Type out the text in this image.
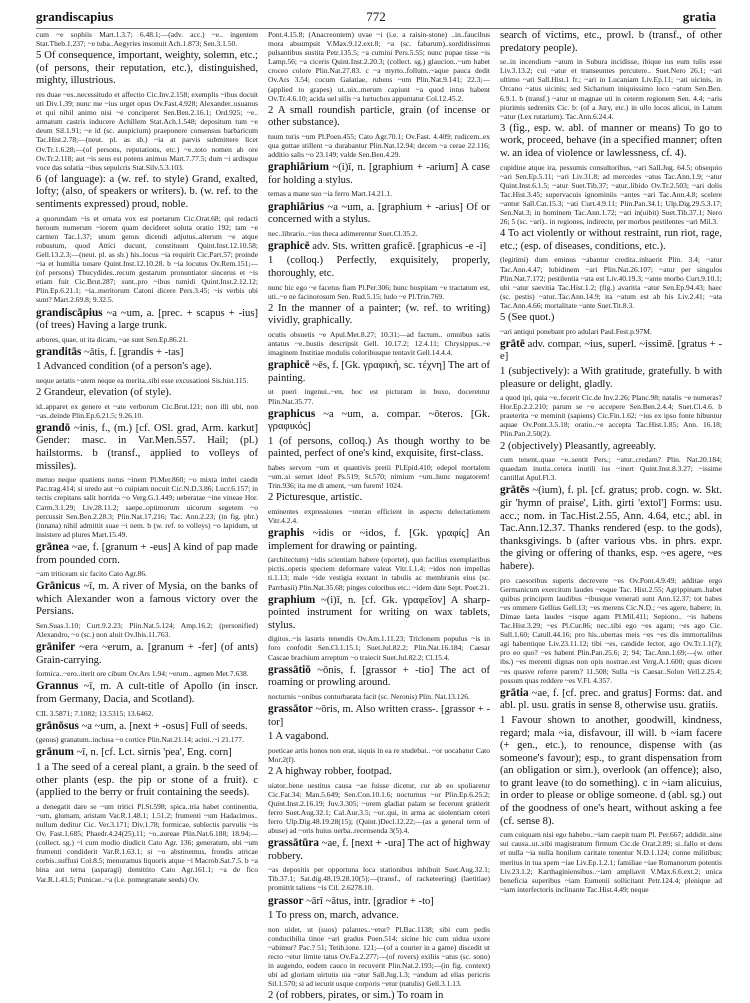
grandiscapius	772	gratia
cum ~e sophiis Mart.1.3.7; 6.48.1;—(adv. acc.) ~e.. ingentem Stat.Theb.1.237; ~e tuba..Aegyries insonuit Ach.1.873; Sen.3.1.50.
5 Of consequence, important, weighty, solemn, etc.; (of persons, their reputation, etc.), distinguished, mighty, illustrious.
res duae ~es..necessitudo et affectio Cic.Inv.2.158; exemplis ~ibus docuit uti Div.1.39; nunc me ~ius urget opus Ov.Fast.4.928; Alexander..usuanus et qui nihil animo nisi ~e conciperet Sen.Ben.2.16.1; Ord.925; ~e.. armatum castris inducere Achillem Stat.Ach.1.548; depositum tum ~e deum Sil.1.91; ~e id (sc. auspicium) praeponere consensus barbaricum Tac.Hist.2.78;—(neut. pl. as sb.) ~ia at parvis submittere licet Ov.Tr.1.6.28;—(of persons, reputations, etc.) ~e..toto nomen ab ore Ov.Tr.2.118; aut ~is seus est potens animus Mart.7.77.5; dum ~i ardisque voce das solatia ~ibus sepulcris Stat.Silv.5.3.103.
6 (of language): a (w. ref. to style) Grand, exalted, lofty; (also, of speakers or writers). b. (w. ref. to the sentiments expressed) proud, noble.
a quorundam ~is et ornata vox est poetarum Cic.Orat.68; qui redacti heroum numerum ~iorem quam decideret soluta oratio 192; tam ~e carmen Tac.1.37; unum genus dicendi adjutus..alterum ~e atque robustum, quod Attici ducunt, constituunt Quint.Inst.12.10.58; Gell.13.2.3;—(neut. pl. as sb.) his..locus ~ia requirit Cic.Part.57; proinde ~ia et humilia tonare Quint.Inst.12.10.28. b ~ia locutus Ov.Rem.151;—(of persons) Thucydides..recum gestarum pronuntiator sincerus et ~is etiam fuit Cic.Brut.287; sunt..pro ~ibus tumidi Quint.Inst.2.12.12; Plin.Ep.6.21.1; ~ia..meritorum Catoni dicere Pers.3.45; ~is verbis ubi sunt? Mart.2.69.8; 9.32.5.
grandiscāpius ~a ~um, a. [prec. + scapus + -ius] (of trees) Having a large trunk.
arbores, quae, ut ita dicam, ~ae sunt Sen.Ep.86.21.
granditās ~ātis, f. [grandis + -tas]
1 Advanced condition (of a person's age).
neque aetatis ~atem neque ea merita..sibi esse excusationi Sis.hist.115.
2 Grandeur, elevation (of style).
id..apparet ex genere et ~ate verborum Cic.Brut.121; non illi ubi, non ~as..deinde Plin.Ep.6.21.5; 9.26.10.
grandō ~inis, f., (m.) [cf. OSl. grad, Arm. karkut] Gender: masc. in Var.Men.557. Hail; (pl.) hailstorms. b (transf., applied to volleys of missiles).
metuo neque quatiens notus ~inem Pl.Mer.860; ~o mixta imbri caedit Pac.trag.414; si uredo aut ~o cuipiam nocuit Cic.N.D.3.86; Lucr.6.157; in tectis crepitans salit horrida ~o Verg.G.1.449; ueberatae ~ine vineae Hor. Carm.3.1.29; Liv.28.11.2; saepe..optimorum uicorum segetem ~o percussit Sen.Ben.2.28.3; Plin.Nat.17.216; Tac. Ann.2.23; (in fig. phr.) (innana) nihil admittit suae ~i nem. b (w. ref. to volleys) ~o lapidum, ut insistere ad plures Mart.15.49.
grānea ~ae, f. [granum + -eus] A kind of pap made from pounded corn.
~am triticeam sic facito Cato Agr.86.
Grānicus ~ī, m. A river of Mysia, on the banks of which Alexander won a famous victory over the Persians.
Sen.Suas.1.10; Curt.9.2.23; Plin.Nat.5.124; Amp.16.2; (personified) Alexandro, ~o (sc.) non aluit Ov.Ibis.11.763.
grānifer ~era ~erum, a. [granum + -fer] (of ants) Grain-carrying.
formica..~ero..iterit ore cibum Ov.Ars 1.94; ~erum.. agmen Met.7.638.
Grannus ~ī, m. A cult-title of Apollo (in inscr. from Germany, Dacia, and Scotland).
CIL 3.5871; 7.1082; 13.5315; 13.6462.
grānōsus ~a ~um, a. [next + -osus] Full of seeds.
(genus) granatum..inclusa ~o cortice Plin.Nat.21.14; acini..~i 21.177.
grānum ~ī, n. [cf. Lct. sirnis 'pea', Eng. corn]
1 a The seed of a cereal plant, a grain. b the seed of other plants (esp. the pip or stone of a fruit). c (applied to the berry or fruit containing the seeds).
a denegatit dare se ~um tritici Pl.St.598; spica..tria habet continentia, ~um, glumam, aristam Var.R.1.48.1; 1.51.2; frumenti ~um Hadacimos.. nullum deditur Cic. Ver.3.171; Div.1.78; formicae, sublectis parvulis ~is Ov. Fast.1.685; Phaedr.4.24(25).11; ~o..aureae Plin.Nat.6.188; 18.94;—(collect. sg.) ~i cum modio diudicit Cato Agr. 136; generatum, ubi ~um frumenti condiderit Var.R.1.63.1; si ~o abstinemus, frondis atricae corbis..suffusi Col.8.5; menuramus liquoris atque ~i Macrob.Sat.7.5. b ~a bina aut terna (asparagi) demittito Cato Agr.161.1; ~a de fico Var.R.1.41.5; Punicae..~a (i.e. pomegranate seeds) Ov.
Pont.4.15.8; (Anacreontem) uvae ~i (i.e. a raisin-stone) ..in..faucibus mora absumpsit V.Max.9.12.ext.8; ~a (sc. fabarum)..sordidissimus pulsantibus sustita Petr.135.5; ~a cumini Pers.5.55; nunc pupae tisse ~is Lamp.56; ~a ciceris Quint.Inst.2.20.3; (collect. sg.) glaucion..~um habet croceo colore Plin.Nat.27.83. c ~a myrto..follum..~aque pauca dedit Ov.Ars 3.54; cocum Galatiae, rubens ~um Plin.Nat.9.141; 22.3;—(applied to grapes) ut..uix..merum capiunt ~a quod intus habent Ov.Tr.4.6.10; acida uel uilis ~a lurtuchos appuntatur Col.12.45.2.
2 A small roundish particle, grain (of incense or other substance).
tuum turis ~um Pl.Poen.455; Cato Agr.70.1; Ov.Fast. 4.409; rudicem..ex qua guttae stillent ~a durabantur Plin.Nat.12.94; decem ~a cerae 22.116; additio salis ~o 23.149; valde Sen.Ben.4.29.
graphiārium ~(i)ī, n. [graphium + -arium] A case for holding a stylus.
ternas a mane suo ~ia ferro Mart.14.21.1.
graphiārius ~a ~um, a. [graphium + -arius] Of or concerned with a stylus.
nec..librario..~ius theca adimerentur Suet.Cl.35.2.
graphicē adv. Sts. written graficē. [graphicus -e -i]
1 (colloq.) Perfectly, exquisitely, properly, thoroughly, etc.
nunc hic ego ~e facetus fiam Pl.Per.306; hunc hospitam ~e tractatum est, uti..~e ne facinorosum Sen. Rud.5.15; ludo ~e Pl.Trin.769.
2 In the manner of a painter; (w. ref. to writing) vividly, graphically.
ocutis obsuetis ~e Apul.Met.8.27; 10.31;—ad factum.. omnibus satis antatus ~e..bustis descripsit Gell. 10.17.2; 12.4.11; Chrysippus..~e imaginem Institiae modulis coloribusque tentavit Gell.14.4.4.
graphicē ~ēs, f. [Gk. γραφική, sc. τέχνη] The art of painting.
ut pueri ingenui..~en, hoc est picturam in buxo, docerentur Plin.Nat.35.77.
graphicus ~a ~um, a. compar. ~ōteros. [Gk. γραφικός]
1 (of persons, colloq.) As though worthy to be painted, perfect of one's kind, exquisite, first-class.
habes servom ~um et quantivis pretii Pl.Epid.410; edepol mortalem ~um..si sernet ideo! Ps.519; St.570; nimium ~um..hunc nugatorem! Trin.936; ita me di ament, ~um furem! 1024.
2 Picturesque, artistic.
eminentes expressiones ~oteran efficient in aspectu delectationem Vitr.4.2.4.
graphis ~idis or ~idos, f. [Gk. γραφίς] An implement for drawing or painting.
(architectum) ~idis scientiam habere (oportet), quo facilius exemplaribus pictis..operis speciem deformare valeat Vitr.1.1.4; ~idos non impellas ti.1.13; male ~ide vestigia exstant in tabulis ac membranis eius (sc. Parrhasii) Plin.Nat.35.68; pinges coloribus etc.: ~idem date Sept. Poet.21.
graphium ~(i)ī, n. [cf. Gk. γραφεῖον] A sharp-pointed instrument for writing on wax tablets, stylus.
digitos..~is lasuris tenendis Ov.Am.1.11.23; Triclonem populus ~is in foro confodit Sen.Cl.1.15.1; Suet.Jul.82.2; Plin.Nat.16.184; Caesar Cascae brachium arreptum ~o traiecit Suet.Jul.82.2; Cl.15.4.
grassātiō ~ōnis, f. [grassor + -tio] The act of roaming or prowling around.
nocturnis ~onibus conturbarata facit (sc. Neronis) Plin. Nat.13.126.
grassātor ~ōris, m. Also written crass-. [grassor + -tor]
1 A vagabond.
poeticae artis honos non erat, siquis in ea re studebat.. ~or uocabatur Cato Mor.2(f).
2 A highway robber, footpad.
uiator..bene uestitus causa ~ae fuisse dicetur, cur ab eo spoliaretur Cic.Fat.34; Man.5.649; Sen.Con.10.1.6; nocturnus ~or Plin.Ep.6.25.2; Quint.Inst.2.16.19; Juv.3.305; ~orem gladiat palam se fecerunt gratierit ferro Suet.Aug.32.1; Cal.Aur.3.5; ~or..qui, in arma ac uiolentiam ceteri ferro Ulp.Dig.48.19.28(15); (Quint.)Decl.12.22;—(as a general term of abuse) ad ~oris huius uerba..recensenda 3(5).4.
grassātūra ~ae, f. [next + -ura] The act of highway robbery.
~as depositis per opportuna loca stationibus inhibuit Suet.Aug.32.1; Tib.37.1; Sat.dig.48.19.28.10(5);—(transf., of racketeering) (laetitiae) promittit taliens ~is Cil. 2.6278.10.
grassor ~ārī ~ātus, intr. [gradior + -to]
1 To press on, march, advance.
non uidet, ut (suos) palantes..~etur? Pl.Bac.1138; sibi cum pedis conducibilia tinoe ~ari gradus Poen.514; sicine hic cum uidua uxore ~abimur? Pac.? 51; Tetih.ione. 121;—(of a courier in a game) discedit ut recto ~etur limite tatus Ov.Fa.2.277;—(of rovers) exiliis ~atus (sc. sono) in augendo, eodem cauco in recuverit Plin.Nat.2.193;—(in fig. context) ubi ad gloriam uirtutis uia ~atur Sall.Jug.1.3; ~andum ad elias pericris Sil.1.570; si ad iecurit usque corporis ~etur (natulis) Gell.3.1.13.
2 (of robbers, pirates, or sim.) To roam in
search of victims, etc., prowl. b (transf., of other predatory people).
se..in incendium ~atum in Subura incidisse, ibique ius eum tulis esse Liv.3.13.2; cui ~atur et transeuntes percutere.. Suet.Nero 26.1; ~ari ultimo ~ati Sall.Hist.1 fr.; ~ari in Lucaniam Liv.Ep.11; ~ati uicinis, in Orcano ~atus uicinis; sed Sicharium iniquissimo loco ~atum Sen.Ben. 6.9.1. b (transf.) ~atur ut magnae uti in ceterm regionem Sen. 4.4; ~aris piurimis sedrenits Cic. b: (of a Jury, etc.) in ullo locos alicui, in Latum ~atur (Lex rutarium). Tac.Ann.6.24.4.
3 (fig., esp. w. abl. of manner or means) To go to work, proceed, behave (in a specified manner; often w. an idea of violence or lawlessness, cf. 4).
cupidine atque ira, pessumis consultoribus, ~ari Sall.Jug. 64.5; obsequio ~ari Sen.Ep.5.11; ~ari Liv.31.8; ad mercedes ~atus Tac.Ann.1.9; ~atur Quint.Inst.6.1.5; ~atur Suet.Tib.37; ~atur..libido Ov.Tr.2.503; ~ari dolis Tac.Hist.3.45; supervacuis ignominiis ~antes ~ari Tac.Ann.4.8; scelere ~antur Sall.Cat.15.3; ~ati Curt.4.9.11; Plin.Pan.34.1; Ulp.Dig.29.5.3.17; Sen.Nat.3; in hominem Tac.Ann.1.72; ~ari in(uibit) Suet.Tib.37.1; Nero 26; 5 (sc. ~ari).. in regiones, indirecte, per morbos pestilentes ~ari Mil.3.
4 To act violently or without restraint, run riot, rage, etc.; (esp. of diseases, conditions, etc.).
(legitimi) dum eminus ~abantur credita..inhaerit Plin. 3.4; ~atur Tac.Ann.4.47; lubidinem ~ari Plin.Nat.26.107; ~atur per singulos Plin.Nat.7.172; pestilentia ~ata est Liv.40.19.3; ~ante morbo Curt.9.10.1; ubi ~atur saevitia Tac.Hist.1.2; (fig.) avaritia ~atur Sen.Ep.94.43; haec (sc. pestis) ~atur..Tac.Ann.14.9; ita ~atum est ab his Liv.2.41; ~ata Tac.Ann.4.66; mortalitate ~ante Suet.Tit.8.3.
5 (See quot.)
~ari antiqui ponebant pro adulari Paul.Fest.p.97M.
grātē adv. compar. ~ius, superl. ~issimē. [gratus + -e]
1 (subjectively): a With gratitude, gratefully. b with pleasure or delight, gladly.
a quod ipi, quia ~e..fecerit Cic.de Inv.2.26; Planc.98; natalis ~e numeras? Hor.Ep.2.2.210; parum se ~e accepere Sen.Ben.2.4.4; Suet.Cl.4.6. b praeterita ~e meminit (sapiens) Cic.Fin.1.62; ~ius ex ipso fonte hibuntur aquae Ov.Pont.3.5.18; oratio..~e accepta Tac.Hist.1.85; Ann. 16.18; Plin.Pan.2.50(2).
2 (objectively) Pleasantly, agreeably.
cum tenent..quae ~e..sentit Pers.; ~atur..credam? Plin. Nat.20.184; quaedam inutia..cetera inutili ius ~inert Quint.Inst.8.3.27; ~issime cantillat Apul.Fl.3.
grātēs ~(ium), f. pl. [cf. gratus; prob. cogn. w. Skt. gir 'hymn of praise', Lith. girti 'extol'] Forms: usu. acc.; nom. in Tac.Hist.2.55, Ann. 4.64, etc.; abl. in Tac.Ann.12.37. Thanks rendered (esp. to the gods), thanksgivings. b (after various vbs. in phrs. expr. the giving or offering of thanks, esp. ~es agere, ~es habere).
pro caesoribus superis decrevere ~es Ov.Pont.4.9.49; additae ergo Germanicum exercitum laudes ~esque Tac. Hist.2.55; Agrippinam..habet quibus principem laudibus ~ibusque venerati sunt Ann.12.37; tot habes ~es ommere Gellius Gell.13; ~es merens Cic.N.D.; ~es agere, habere; in. Dimae laeta laudes ~isque agam Pl.Mil.411; Sepiono.. ~is habens Tac.Hist.3.29; ~es Pl.Cur.86; nec..tibi ego ~es agam; ~es ago Cic. Sull.1.60; Catull.44.16; pro his..ubertas meis ~es ~es dis immortalibus agi habentique Liv.23.11.12; tibi ~es, candide lector, ago Ov.Tr.1.1(?); pro eo quo? ~es habent Plin.Pan.25.6; 2; 94; Tac.Ann.1.69;—(w. other ibs.) ~es merenti dignas non opis nostrae..est Verg.A.1.600; quas dicere ~es quasve referre parem? 11.508; Sulla ~is Caesar..Solon Vell.2.25.4; possum quas reddere ~es V.Fl. 4.357.
grātia ~ae, f. [cf. prec. and gratus] Forms: dat. and abl. pl. usu. gratis in sense 8, otherwise usu. gratiis.
1 Favour shown to another, goodwill, kindness, regard; mala ~ia, disfavour, ill will. b ~iam facere (+ gen., etc.), to renounce, dispense with (as someone's favour); esp., to grant dispensation from (an obligation or sim.), overlook (an offence); also, to grant leave (to do something). c in ~iam alicuius, in order to please or oblige someone. d (abl. sg.) out of the goodness of one's heart, without asking a fee (cf. sense 8).
cum cuiquam nisi ego habebo..~iam caepit tuam Pl. Per.667; addidit..sine sui causa..ut..sibi magistratum firmum Cic.de Orat.2.89; si..fallo et dens et nulla ~ia nulla honilum caritate tenentur N.D.1.124; conne militibus; meritus in tua spem ~iae Liv.Ep.1.2.1; familiae ~iae Romanorum potentis Liv.23.1.2; Karthaginiensibus..~iam ampliavit V.Max.6.6.ext.2; unica beneficia superibus ~iam Eumenii sollicitant Petr.124.4; plenique ad ~iam interfectoris inclinante Tac.Hist.4.49; neque
